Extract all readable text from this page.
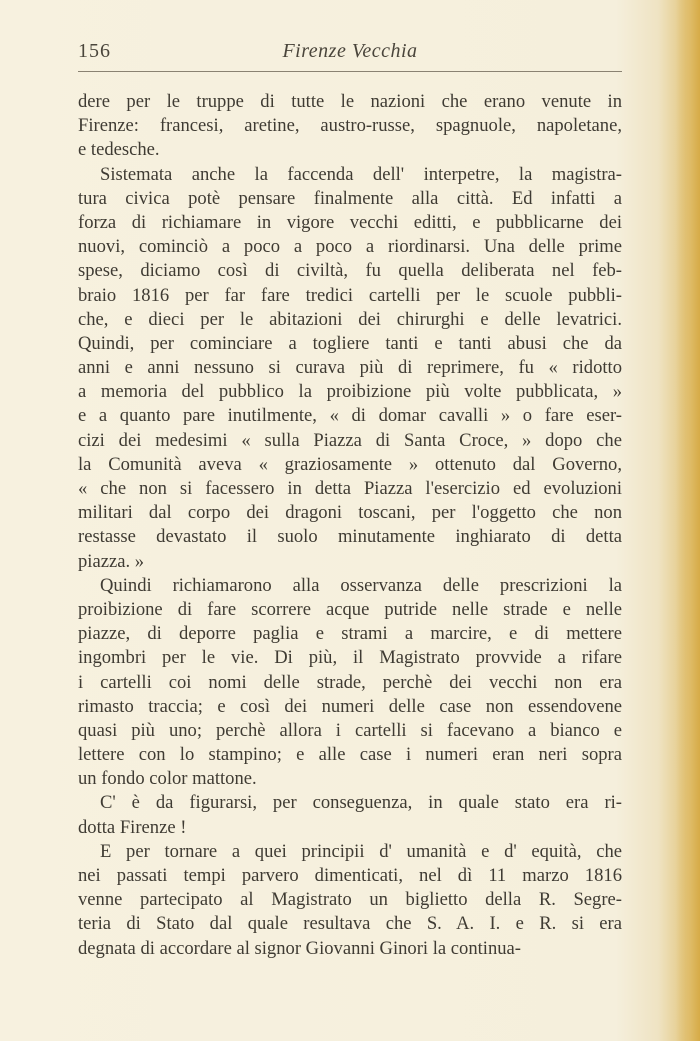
156	Firenze Vecchia
dere per le truppe di tutte le nazioni che erano venute in
Firenze: francesi, aretine, austro-russe, spagnuole, napoletane,
e tedesche.
Sistemata anche la faccenda dell' interpetre, la magistra-
tura civica potè pensare finalmente alla città. Ed infatti a
forza di richiamare in vigore vecchi editti, e pubblicarne dei
nuovi, cominciò a poco a poco a riordinarsi. Una delle prime
spese, diciamo così di civiltà, fu quella deliberata nel feb-
braio 1816 per far fare tredici cartelli per le scuole pubbli-
che, e dieci per le abitazioni dei chirurghi e delle levatrici.
Quindi, per cominciare a togliere tanti e tanti abusi che da
anni e anni nessuno si curava più di reprimere, fu « ridotto
a memoria del pubblico la proibizione più volte pubblicata, »
e a quanto pare inutilmente, « di domar cavalli » o fare eser-
cizi dei medesimi « sulla Piazza di Santa Croce, » dopo che
la Comunità aveva « graziosamente » ottenuto dal Governo,
« che non si facessero in detta Piazza l'esercizio ed evoluzioni
militari dal corpo dei dragoni toscani, per l'oggetto che non
restasse devastato il suolo minutamente inghiarato di detta
piazza. »
Quindi richiamarono alla osservanza delle prescrizioni la
proibizione di fare scorrere acque putride nelle strade e nelle
piazze, di deporre paglia e strami a marcire, e di mettere
ingombri per le vie. Di più, il Magistrato provvide a rifare
i cartelli coi nomi delle strade, perchè dei vecchi non era
rimasto traccia; e così dei numeri delle case non essendovene
quasi più uno; perchè allora i cartelli si facevano a bianco e
lettere con lo stampino; e alle case i numeri eran neri sopra
un fondo color mattone.
C' è da figurarsi, per conseguenza, in quale stato era ri-
dotta Firenze !
E per tornare a quei principii d' umanità e d' equità, che
nei passati tempi parvero dimenticati, nel dì 11 marzo 1816
venne partecipato al Magistrato un biglietto della R. Segre-
teria di Stato dal quale resultava che S. A. I. e R. si era
degnata di accordare al signor Giovanni Ginori la continua-
